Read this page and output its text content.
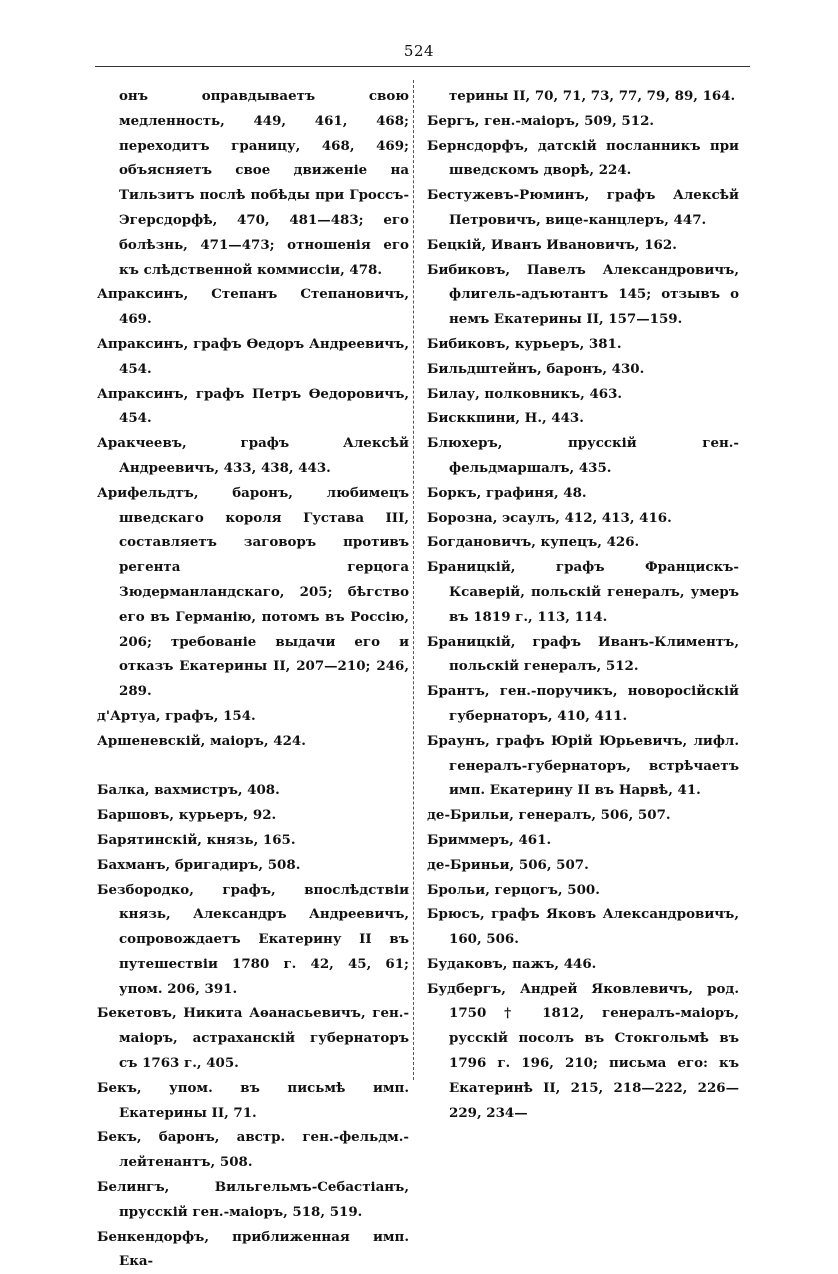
524

онъ оправдываетъ свою медленность, 449, 461, 468; переходитъ границу, 468, 469; объясняетъ свое движеніе на Тильзитъ послѣ побѣды при Гроссъ-Эгерсдорфѣ, 470, 481—483; его болѣзнь, 471—473; отношенія его къ слѣдственной коммиссіи, 478.

Апраксинъ, Степанъ Степановичъ, 469.

Апраксинъ, графъ Ѳедоръ Андреевичъ, 454.

Апраксинъ, графъ Петръ Ѳедоровичъ, 454.

Аракчеевъ, графъ Алексѣй Андреевичъ, 433, 438, 443.

Арифельдтъ, баронъ, любимецъ шведскаго короля Густава III, составляетъ заговоръ противъ регента герцога Зюдерманландскаго, 205; бѣгство его въ Германію, потомъ въ Россію, 206; требованіе выдачи его и отказъ Екатерины II, 207—210; 246, 289.

д'Артуа, графъ, 154.

Аршеневскій, маіоръ, 424.

Балка, вахмистръ, 408.

Баршовъ, курьеръ, 92.

Барятинскій, князь, 165.

Бахманъ, бригадиръ, 508.

Безбородко, графъ, впослѣдствіи князь, Александръ Андреевичъ, сопровождаетъ Екатерину II въ путешествіи 1780 г. 42, 45, 61; упом. 206, 391.

Бекетовъ, Никита Аѳанасьевичъ, ген.-маіоръ, астраханскій губернаторъ съ 1763 г., 405.

Бекъ, упом. въ письмѣ имп. Екатерины II, 71.

Бекъ, баронъ, австр. ген.-фельдм.-лейтенантъ, 508.

Белингъ, Вильгельмъ-Себастіанъ, прусскій ген.-маіоръ, 518, 519.

Бенкендорфъ, приближенная имп. Ека-

терины II, 70, 71, 73, 77, 79, 89, 164.

Бергъ, ген.-маіоръ, 509, 512.

Бернсдорфъ, датскій посланникъ при шведскомъ дворѣ, 224.

Бестужевъ-Рюминъ, графъ Алексѣй Петровичъ, вице-канцлеръ, 447.

Бецкій, Иванъ Ивановичъ, 162.

Бибиковъ, Павелъ Александровичъ, флигель-адъютантъ 145; отзывъ о немъ Екатерины II, 157—159.

Бибиковъ, курьеръ, 381.

Бильдштейнъ, баронъ, 430.

Билау, полковникъ, 463.

Бисккпини, Н., 443.

Блюхеръ, прусскій ген.-фельдмаршалъ, 435.

Боркъ, графиня, 48.

Борозна, эсаулъ, 412, 413, 416.

Богдановичъ, купецъ, 426.

Браницкій, графъ Францискъ-Ксаверій, польскій генералъ, умеръ въ 1819 г., 113, 114.

Браницкій, графъ Иванъ-Климентъ, польскій генералъ, 512.

Брантъ, ген.-поручикъ, новоросійскій губернаторъ, 410, 411.

Браунъ, графъ Юрій Юрьевичъ, лифл. генералъ-губернаторъ, встрѣчаетъ имп. Екатерину II въ Нарвѣ, 41.

де-Брильи, генералъ, 506, 507.

Бриммеръ, 461.

де-Бриньи, 506, 507.

Брольи, герцогъ, 500.

Брюсъ, графъ Яковъ Александровичъ, 160, 506.

Будаковъ, пажъ, 446.

Будбергъ, Андрей Яковлевичъ, род. 1750 † 1812, генералъ-маіоръ, русскій посолъ въ Стокгольмѣ въ 1796 г. 196, 210; письма его: къ Екатеринѣ II, 215, 218—222, 226—229, 234—
